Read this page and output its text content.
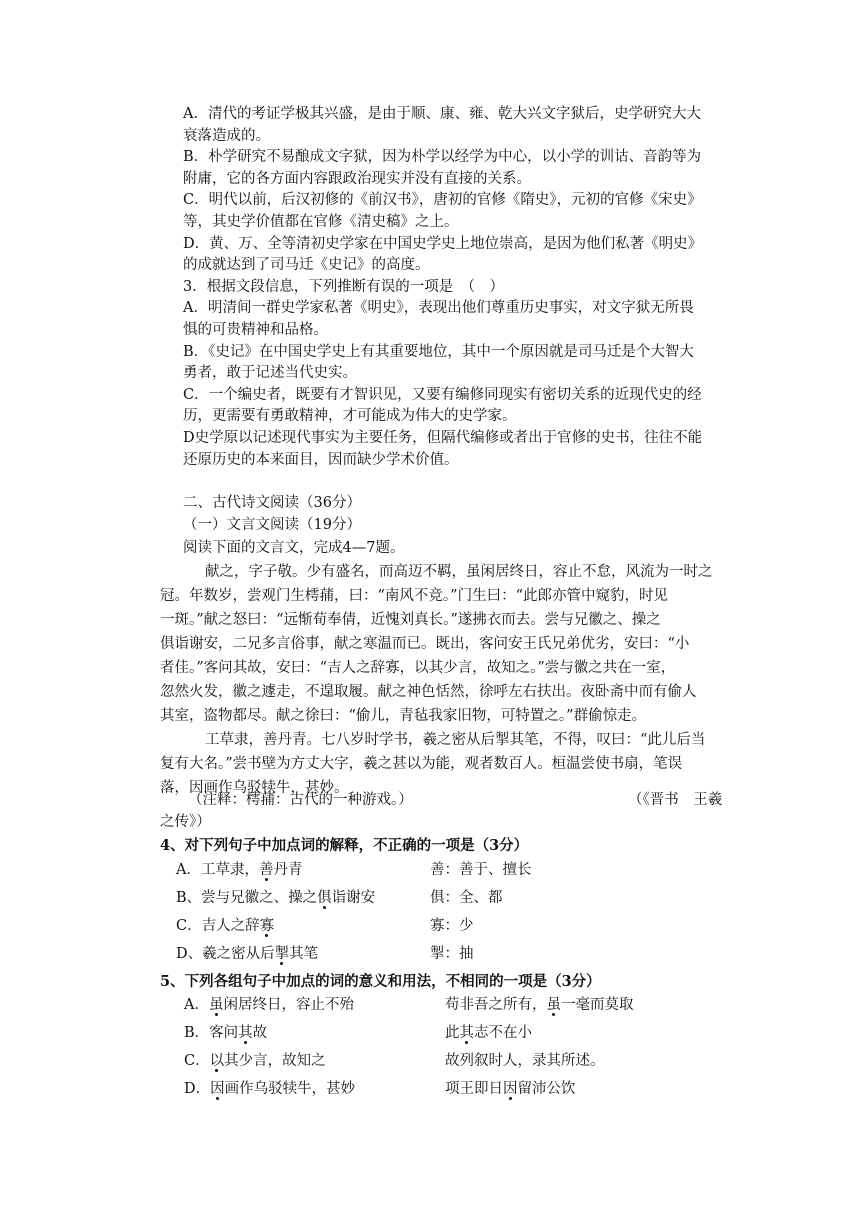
A．清代的考证学极其兴盛，是由于顺、康、雍、乾大兴文字狱后，史学研究大大
衰落造成的。
B．朴学研究不易酿成文字狱，因为朴学以经学为中心，以小学的训诂、音韵等为
附庸，它的各方面内容跟政治现实并没有直接的关系。
C．明代以前，后汉初修的《前汉书》，唐初的官修《隋史》，元初的官修《宋史》
等，其史学价值都在官修《清史稿》之上。
D．黄、万、全等清初史学家在中国史学史上地位崇高，是因为他们私著《明史》
的成就达到了司马迁《史记》的高度。
3．根据文段信息，下列推断有误的一项是　（　）
A．明清间一群史学家私著《明史》，表现出他们尊重历史事实，对文字狱无所畏
惧的可贵精神和品格。
B．《史记》在中国史学史上有其重要地位，其中一个原因就是司马迁是个大智大
勇者，敢于记述当代史实。
C．一个编史者，既要有才智识见，又要有编修同现实有密切关系的近现代史的经
历，更需要有勇敢精神，才可能成为伟大的史学家。
D史学原以记述现代事实为主要任务，但隔代编修或者出于官修的史书，往往不能
还原历史的本来面目，因而缺少学术价值。
二、古代诗文阅读（36分）
（一）文言文阅读（19分）
阅读下面的文言文，完成4—7题。
献之，字子敬。少有盛名，而高迈不羁，虽闲居终日，容止不怠，风流为一时之
冠。年数岁，尝观门生樗蒱，曰：“南风不竞。”门生曰：“此郎亦管中窥豹，时见
一斑。”献之怒曰：“远惭荀奉倩，近愧刘真长。”遂拂衣而去。尝与兄徽之、操之
俱诣谢安，二兄多言俗事，献之寒温而已。既出，客问安王氏兄弟优劣，安曰：“小
者佳。”客问其故，安曰：“吉人之辞寡，以其少言，故知之。”尝与徽之共在一室，
忽然火发，徽之遽走，不遑取履。献之神色恬然，徐呼左右扶出。夜卧斋中而有偷人
其室，盗物都尽。献之徐曰：“偷儿，青毡我家旧物，可特置之。”群偷惊走。
工草隶，善丹青。七八岁时学书，羲之密从后掣其笔，不得，叹曰：“此儿后当
复有大名。”尝书壁为方丈大字，羲之甚以为能，观者数百人。桓温尝使书扇，笔误
落，因画作乌驳犊牛，甚妙。
（注释：樗蒱：古代的一种游戏。）	（《晋书　王羲
之传》）
4、对下列句子中加点词的解释，不正确的一项是（3分）
A．工草隶，善丹青	善：善于、擅长
B、尝与兄徽之、操之俱诣谢安	俱：全、都
C．吉人之辞寡	寡：少
D、羲之密从后掣其笔	掣：抽
5、下列各组句子中加点的词的意义和用法，不相同的一项是（3分）
A．虽闲居终日，容止不殆	苟非吾之所有，虽一毫而莫取
B．客问其故	此其志不在小
C．以其少言，故知之	故列叙时人，录其所述。
D．因画作乌驳犊牛，甚妙	项王即日因留沛公饮
